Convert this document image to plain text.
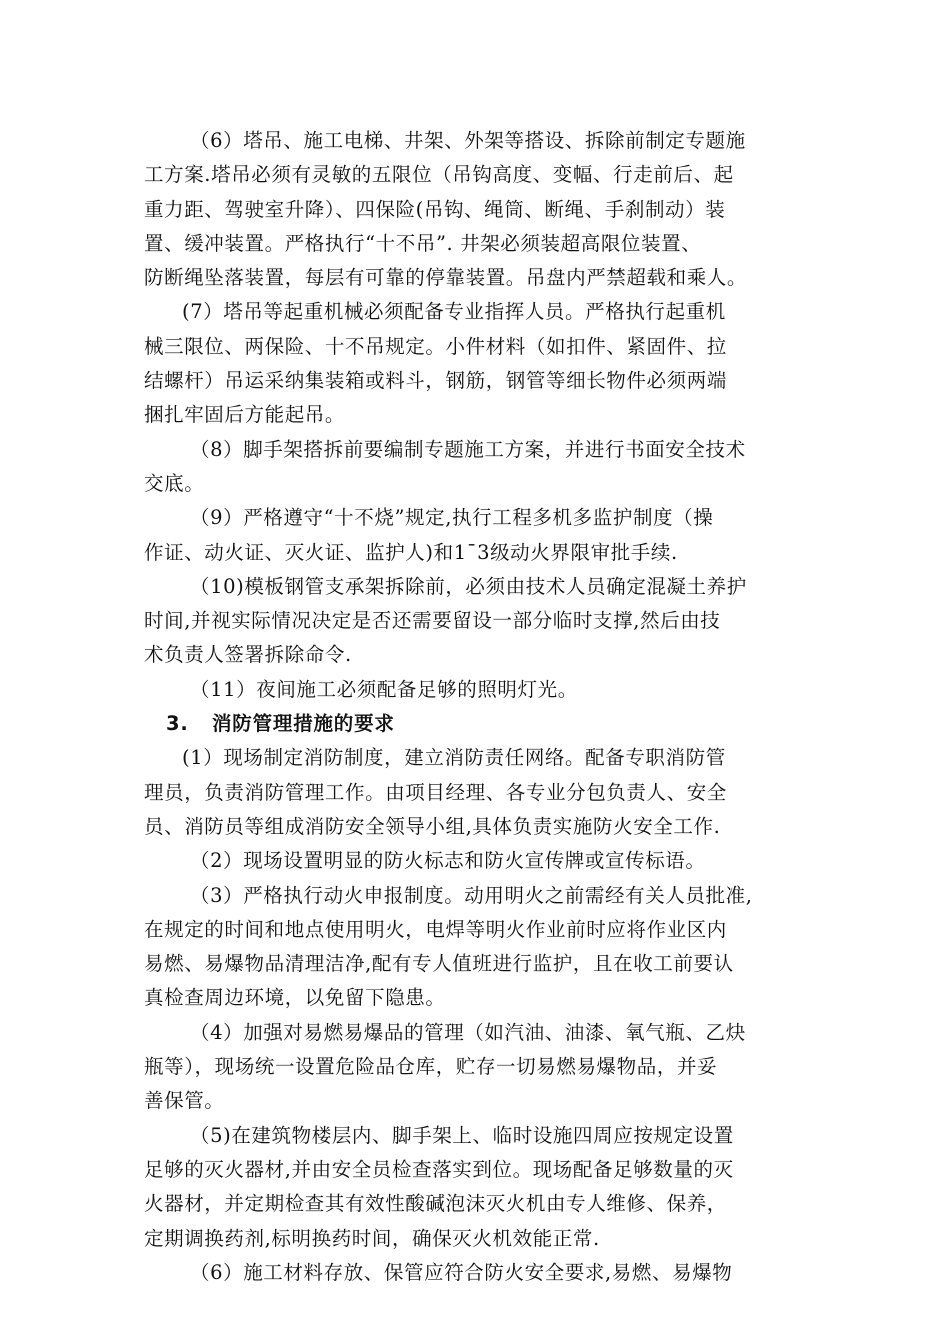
（6）塔吊、施工电梯、井架、外架等搭设、拆除前制定专题施
工方案.塔吊必须有灵敏的五限位（吊钩高度、变幅、行走前后、起
重力距、驾驶室升降）、四保险(吊钩、绳筒、断绳、手刹制动）装
置、缓冲装置。严格执行“十不吊”. 井架必须装超高限位装置、
防断绳坠落装置，每层有可靠的停靠装置。吊盘内严禁超载和乘人。
(7）塔吊等起重机械必须配备专业指挥人员。严格执行起重机
械三限位、两保险、十不吊规定。小件材料（如扣件、紧固件、拉
结螺杆）吊运采纳集装箱或料斗，钢筋，钢管等细长物件必须两端
捆扎牢固后方能起吊。
（8）脚手架搭拆前要编制专题施工方案，并进行书面安全技术
交底。
（9）严格遵守“十不烧”规定,执行工程多机多监护制度（操
作证、动火证、灭火证、监护人)和1¯3级动火界限审批手续.
（10)模板钢管支承架拆除前，必须由技术人员确定混凝土养护
时间,并视实际情况决定是否还需要留设一部分临时支撑,然后由技
术负责人签署拆除命令.
（11）夜间施工必须配备足够的照明灯光。
3. 消防管理措施的要求
(1）现场制定消防制度，建立消防责任网络。配备专职消防管
理员，负责消防管理工作。由项目经理、各专业分包负责人、安全
员、消防员等组成消防安全领导小组,具体负责实施防火安全工作.
（2）现场设置明显的防火标志和防火宣传牌或宣传标语。
（3）严格执行动火申报制度。动用明火之前需经有关人员批准,
在规定的时间和地点使用明火，电焊等明火作业前时应将作业区内
易燃、易爆物品清理洁净,配有专人值班进行监护，且在收工前要认
真检查周边环境，以免留下隐患。
（4）加强对易燃易爆品的管理（如汽油、油漆、氧气瓶、乙炔
瓶等），现场统一设置危险品仓库，贮存一切易燃易爆物品，并妥
善保管。
（5)在建筑物楼层内、脚手架上、临时设施四周应按规定设置
足够的灭火器材,并由安全员检查落实到位。现场配备足够数量的灭
火器材，并定期检查其有效性酸碱泡沫灭火机由专人维修、保养，
定期调换药剂,标明换药时间，确保灭火机效能正常.
（6）施工材料存放、保管应符合防火安全要求,易燃、易爆物
